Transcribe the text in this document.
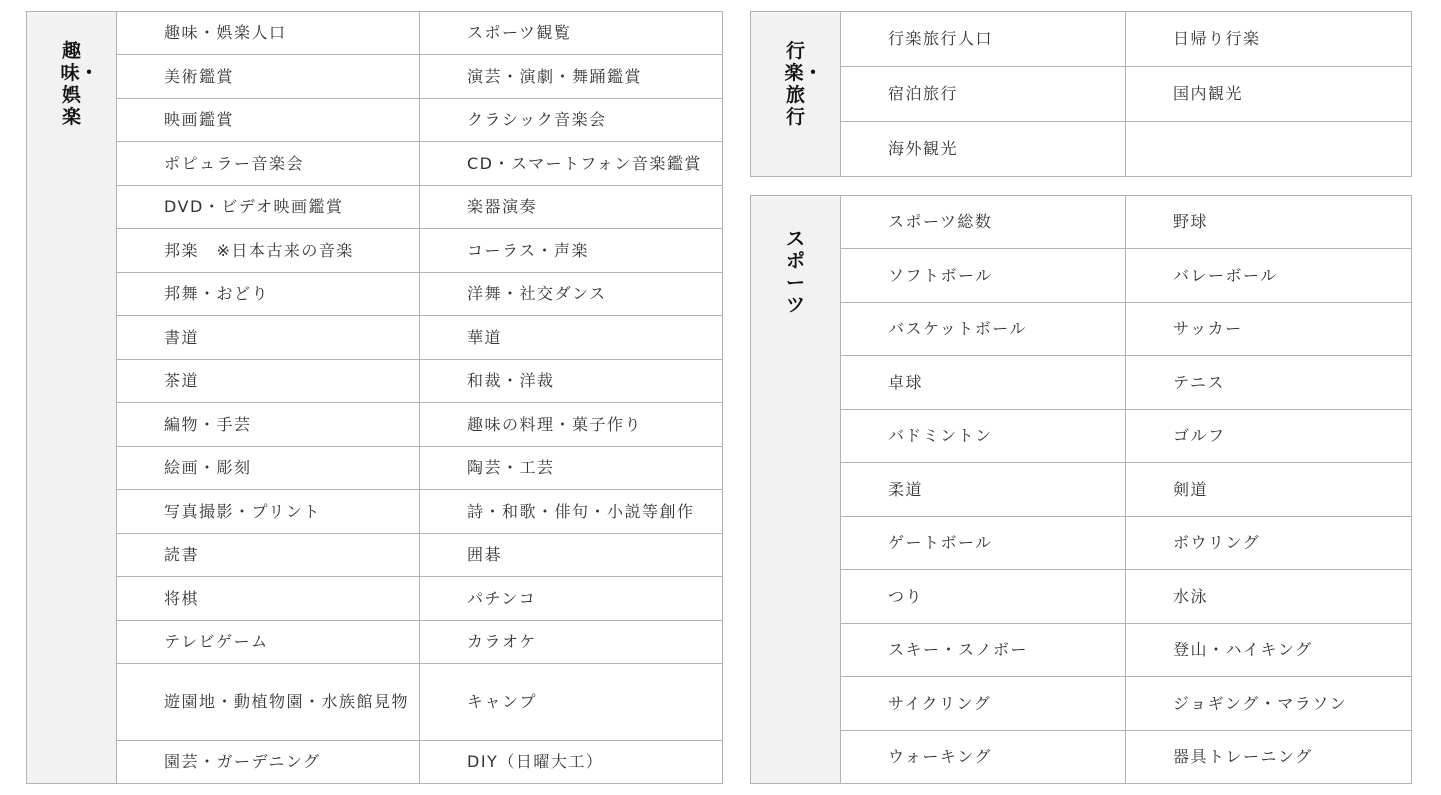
趣味・娯楽	趣味・娯楽人口	スポーツ観覧
	美術鑑賞	演芸・演劇・舞踊鑑賞
	映画鑑賞	クラシック音楽会
	ポピュラー音楽会	CD・スマートフォン音楽鑑賞
	DVD・ビデオ映画鑑賞	楽器演奏
	邦楽　※日本古来の音楽	コーラス・声楽
	邦舞・おどり	洋舞・社交ダンス
	書道	華道
	茶道	和裁・洋裁
	編物・手芸	趣味の料理・菓子作り
	絵画・彫刻	陶芸・工芸
	写真撮影・プリント	詩・和歌・俳句・小説等創作
	読書	囲碁
	将棋	パチンコ
	テレビゲーム	カラオケ
	遊園地・動植物園・水族館見物	キャンプ
	園芸・ガーデニング	DIY（日曜大工）
行楽・旅行	行楽旅行人口	日帰り行楽
	宿泊旅行	国内観光
	海外観光	
スポーツ	スポーツ総数	野球
	ソフトボール	バレーボール
	バスケットボール	サッカー
	卓球	テニス
	バドミントン	ゴルフ
	柔道	剣道
	ゲートボール	ボウリング
	つり	水泳
	スキー・スノボー	登山・ハイキング
	サイクリング	ジョギング・マラソン
	ウォーキング	器具トレーニング
